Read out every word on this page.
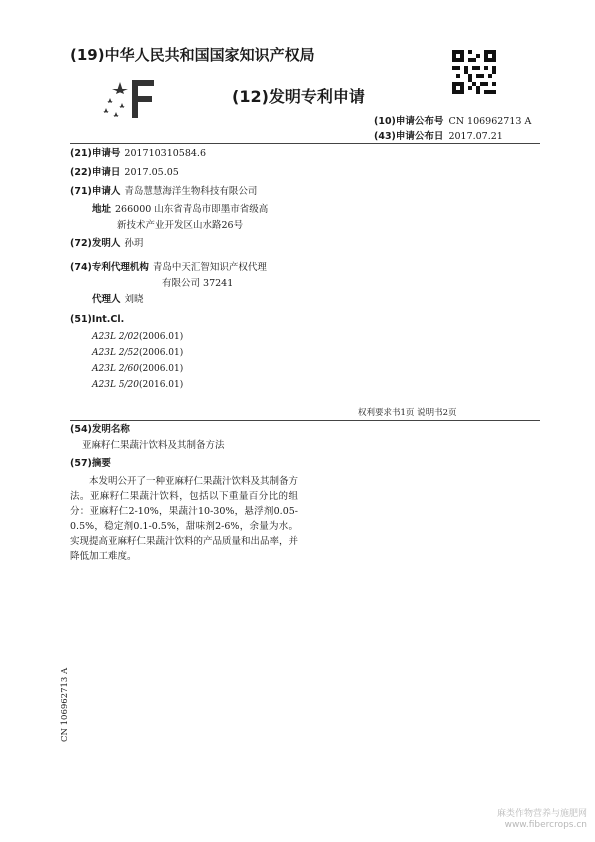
(19)中华人民共和国国家知识产权局
(12)发明专利申请
(10)申请公布号 CN 106962713 A
(43)申请公布日 2017.07.21
(21)申请号 201710310584.6
(22)申请日 2017.05.05
(71)申请人 青岛慧慧海洋生物科技有限公司
地址 266000 山东省青岛市即墨市省级高
新技术产业开发区山水路26号
(72)发明人 孙玥
(74)专利代理机构 青岛中天汇智知识产权代理
有限公司 37241
代理人 刘晓
(51)Int.Cl.
A23L 2/02(2006.01)
A23L 2/52(2006.01)
A23L 2/60(2006.01)
A23L 5/20(2016.01)
权利要求书1页 说明书2页
(54)发明名称
亚麻籽仁果蔬汁饮料及其制备方法
(57)摘要

本发明公开了一种亚麻籽仁果蔬汁饮料及其制备方法。亚麻籽仁果蔬汁饮料，包括以下重量百分比的组分：亚麻籽仁2-10%，果蔬汁10-30%，悬浮剂0.05-0.5%，稳定剂0.1-0.5%，甜味剂2-6%，余量为水。实现提高亚麻籽仁果蔬汁饮料的产品质量和出品率，并降低加工难度。

CN 106962713 A
麻类作物营养与施肥网
www.fibercrops.cn
